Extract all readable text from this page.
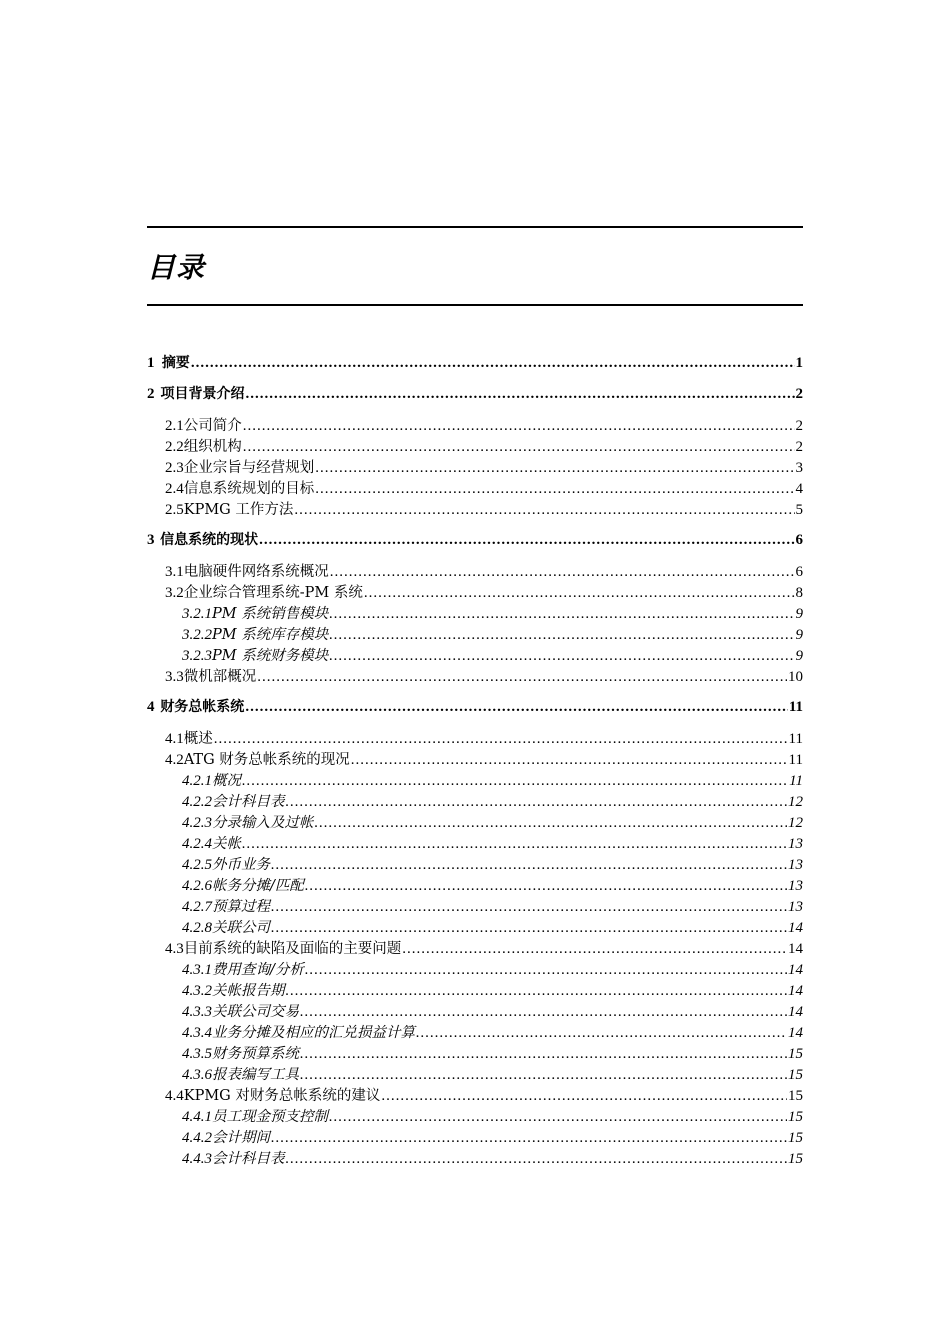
目录
1 摘要 .....	1
2 项目背景介绍 .....	2
2.1 公司简介 .....	2
2.2 组织机构 .....	2
2.3 企业宗旨与经营规划 .....	3
2.4 信息系统规划的目标 .....	4
2.5 KPMG 工作方法 .....	5
3 信息系统的现状 .....	6
3.1 电脑硬件网络系统概况 .....	6
3.2 企业综合管理系统-PM 系统 .....	8
3.2.1 PM 系统销售模块 .....	9
3.2.2 PM 系统库存模块 .....	9
3.2.3 PM 系统财务模块 .....	9
3.3 微机部概况 .....	10
4 财务总帐系统 .....	11
4.1 概述 .....	11
4.2 ATG 财务总帐系统的现况 .....	11
4.2.1 概况 .....	11
4.2.2 会计科目表 .....	12
4.2.3 分录输入及过帐 .....	12
4.2.4 关帐 .....	13
4.2.5 外币业务 .....	13
4.2.6 帐务分摊/匹配 .....	13
4.2.7 预算过程 .....	13
4.2.8 关联公司 .....	14
4.3 目前系统的缺陷及面临的主要问题 .....	14
4.3.1 费用查询/分析 .....	14
4.3.2 关帐报告期 .....	14
4.3.3 关联公司交易 .....	14
4.3.4 业务分摊及相应的汇兑损益计算 .....	14
4.3.5 财务预算系统 .....	15
4.3.6 报表编写工具 .....	15
4.4 KPMG 对财务总帐系统的建议 .....	15
4.4.1 员工现金预支控制 .....	15
4.4.2 会计期间 .....	15
4.4.3 会计科目表 .....	15
